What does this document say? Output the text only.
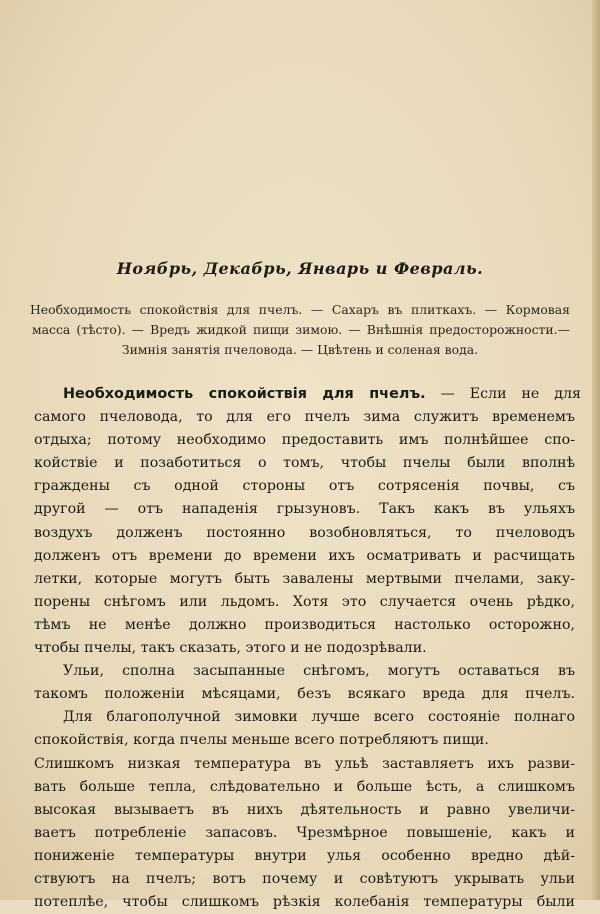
Ноябрь, Декабрь, Январь и Февраль.
Необходимость спокойствія для пчелъ. — Сахаръ въ плиткахъ. — Кормовая
масса (тѣсто). — Вредъ жидкой пищи зимою. — Внѣшнія предосторожности.—
Зимнія занятія пчеловода. — Цвѣтень и соленая вода.
Необходимость спокойствія для пчелъ. — Если не для
самого пчеловода, то для его пчелъ зима служитъ временемъ
отдыха; потому необходимо предоставить имъ полнѣйшее спо-
койствіе и позаботиться о томъ, чтобы пчелы были вполнѣ
граждены съ одной стороны отъ сотрясенія почвы, съ
другой — отъ нападенія грызуновъ. Такъ какъ въ ульяхъ
воздухъ долженъ постоянно возобновляться, то пчеловодъ
долженъ отъ времени до времени ихъ осматривать и расчищать
летки, которые могутъ быть завалены мертвыми пчелами, заку-
порены снѣгомъ или льдомъ. Хотя это случается очень рѣдко,
тѣмъ не менѣе должно производиться настолько осторожно,
чтобы пчелы, такъ сказать, этого и не подозрѣвали.
Ульи, сполна засыпанные снѣгомъ, могутъ оставаться въ
такомъ положеніи мѣсяцами, безъ всякаго вреда для пчелъ.
Для благополучной зимовки лучше всего состояніе полнаго
спокойствія, когда пчелы меньше всего потребляютъ пищи.
Слишкомъ низкая температура въ ульѣ заставляетъ ихъ разви-
вать больше тепла, слѣдовательно и больше ѣсть, а слишкомъ
высокая вызываетъ въ нихъ дѣятельность и равно увеличи-
ваетъ потребленіе запасовъ. Чрезмѣрное повышеніе, какъ и
пониженіе температуры внутри улья особенно вредно дѣй-
ствуютъ на пчелъ; вотъ почему и совѣтуютъ укрывать ульи
потеплѣе, чтобы слишкомъ рѣзкія колебанія температуры были
